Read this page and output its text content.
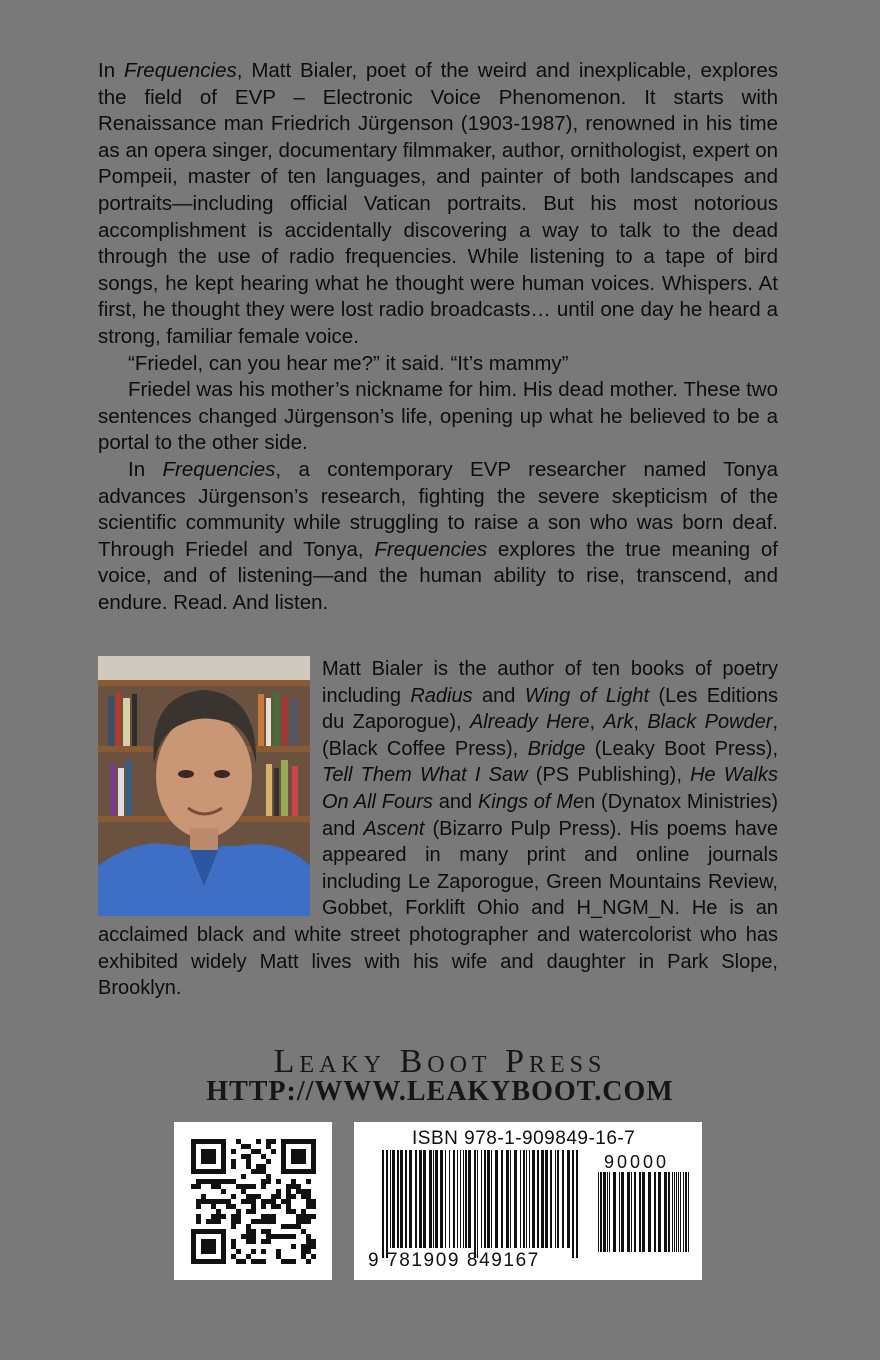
In Frequencies, Matt Bialer, poet of the weird and inexplicable, explores the field of EVP – Electronic Voice Phenomenon. It starts with Renaissance man Friedrich Jürgenson (1903-1987), renowned in his time as an opera singer, documentary filmmaker, author, ornithologist, expert on Pompeii, master of ten languages, and painter of both landscapes and portraits—including official Vatican portraits. But his most notorious accomplishment is accidentally discovering a way to talk to the dead through the use of radio frequencies. While listening to a tape of bird songs, he kept hearing what he thought were human voices. Whispers. At first, he thought they were lost radio broadcasts… until one day he heard a strong, familiar female voice.

“Friedel, can you hear me?” it said. “It’s mammy”

Friedel was his mother’s nickname for him. His dead mother. These two sentences changed Jürgenson’s life, opening up what he believed to be a portal to the other side.

In Frequencies, a contemporary EVP researcher named Tonya advances Jürgenson’s research, fighting the severe skepticism of the scientific community while struggling to raise a son who was born deaf. Through Friedel and Tonya, Frequencies explores the true meaning of voice, and of listening—and the human ability to rise, transcend, and endure. Read. And listen.

Matt Bialer is the author of ten books of poetry including Radius and Wing of Light (Les Editions du Zaporogue), Already Here, Ark, Black Powder, (Black Coffee Press), Bridge (Leaky Boot Press), Tell Them What I Saw (PS Publishing), He Walks On All Fours and Kings of Men (Dynatox Ministries) and Ascent (Bizarro Pulp Press). His poems have appeared in many print and online journals including Le Zaporogue, Green Mountains Review, Gobbet, Forklift Ohio and H_NGM_N. He is an acclaimed black and white street photographer and watercolorist who has exhibited widely Matt lives with his wife and daughter in Park Slope, Brooklyn.
Leaky Boot Press
HTTP://WWW.LEAKYBOOT.COM
ISBN 978-1-909849-16-7
90000
9 781909 849167
